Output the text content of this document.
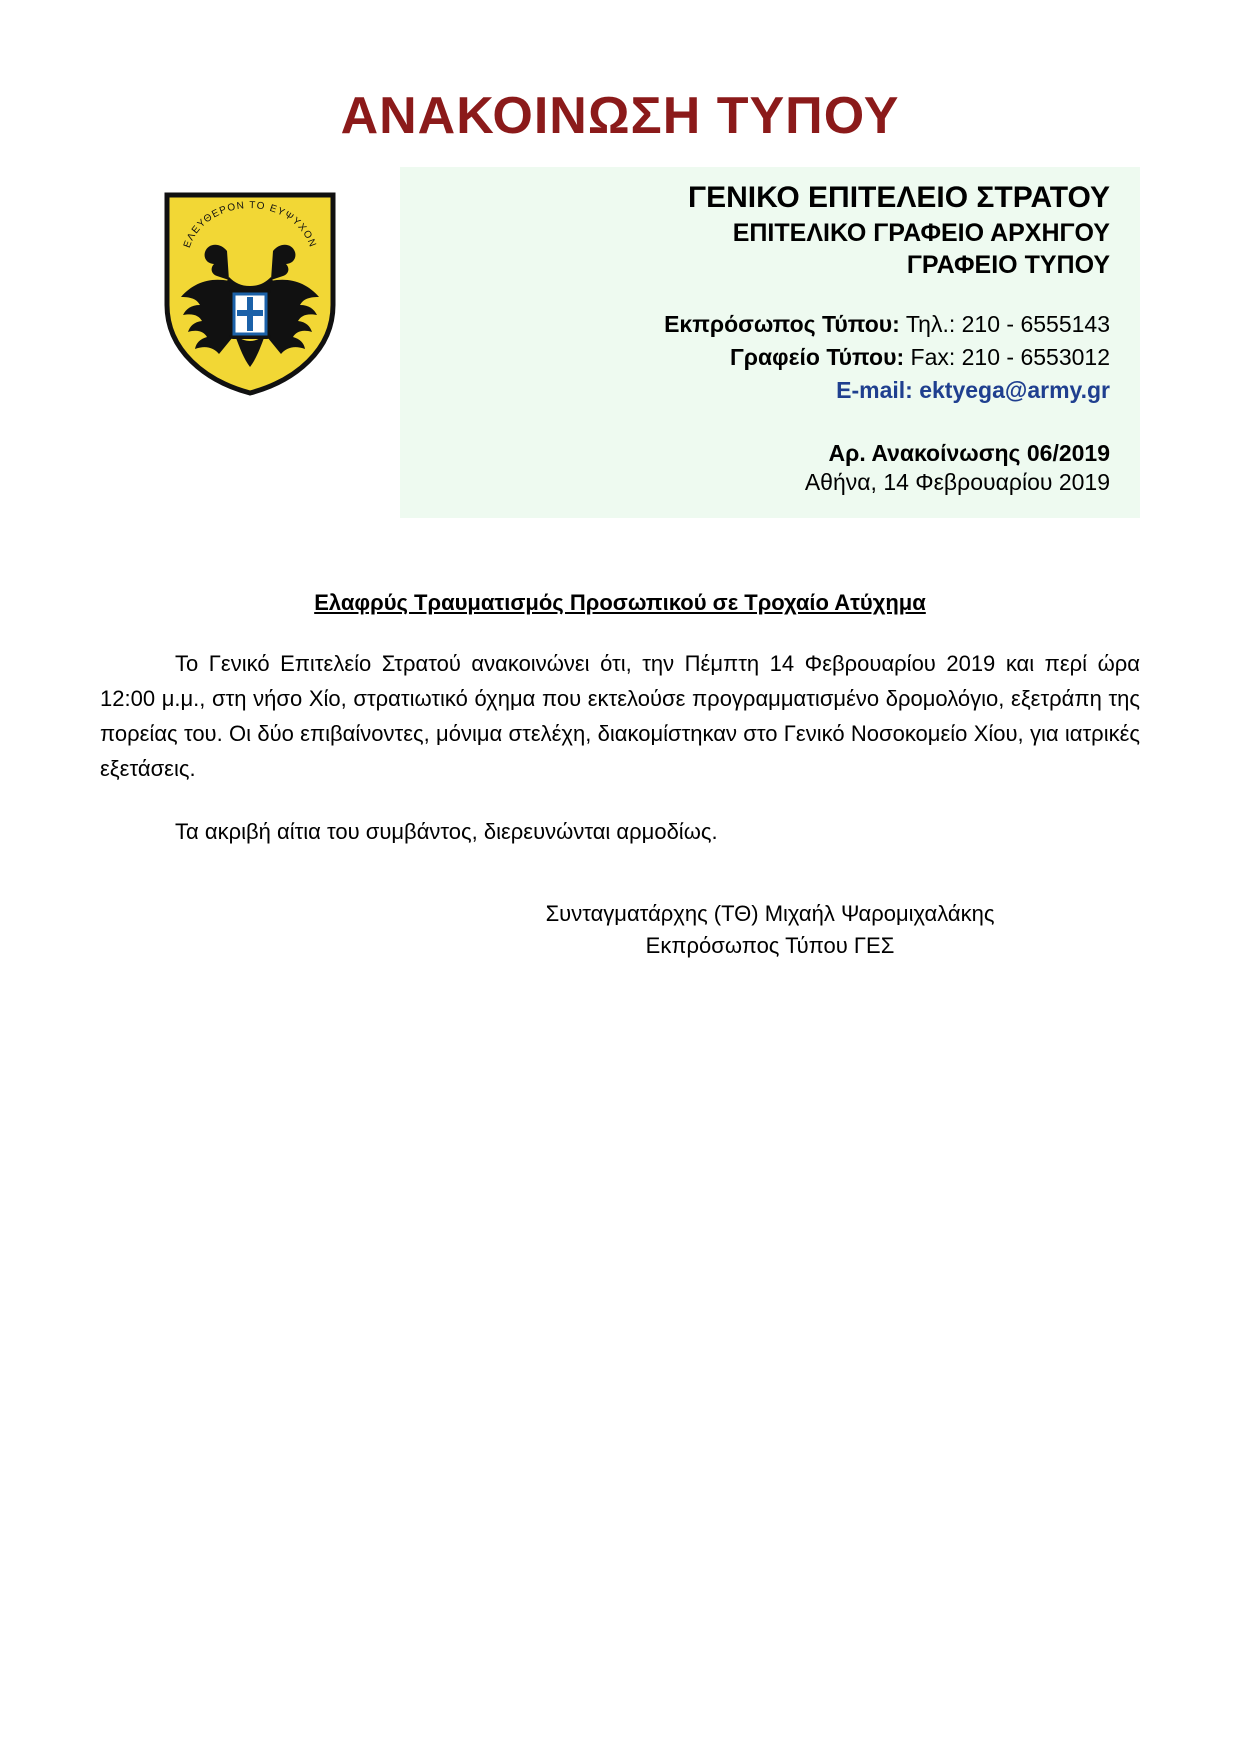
ΑΝΑΚΟΙΝΩΣΗ ΤΥΠΟΥ
ΕΛΕΥΘΕΡΟΝ ΤΟ ΕΥΨΥΧΟΝ
ΓΕΝΙΚΟ ΕΠΙΤΕΛΕΙΟ ΣΤΡΑΤΟΥ
ΕΠΙΤΕΛΙΚΟ ΓΡΑΦΕΙΟ ΑΡΧΗΓΟΥ
ΓΡΑΦΕΙΟ ΤΥΠΟΥ
Εκπρόσωπος Τύπου: Τηλ.: 210 - 6555143
Γραφείο Τύπου: Fax: 210 - 6553012
E-mail: ektyega@army.gr
Αρ. Ανακοίνωσης 06/2019
Αθήνα, 14 Φεβρουαρίου 2019
Ελαφρύς Τραυματισμός Προσωπικού σε Τροχαίο Ατύχημα

Το Γενικό Επιτελείο Στρατού ανακοινώνει ότι, την Πέμπτη 14 Φεβρουαρίου 2019 και περί ώρα 12:00 μ.μ., στη νήσο Χίο, στρατιωτικό όχημα που εκτελούσε προγραμματισμένο δρομολόγιο, εξετράπη της πορείας του. Οι δύο επιβαίνοντες, μόνιμα στελέχη, διακομίστηκαν στο Γενικό Νοσοκομείο Χίου, για ιατρικές εξετάσεις.

Τα ακριβή αίτια του συμβάντος, διερευνώνται αρμοδίως.

Συνταγματάρχης (ΤΘ) Μιχαήλ Ψαρομιχαλάκης
Εκπρόσωπος Τύπου ΓΕΣ
